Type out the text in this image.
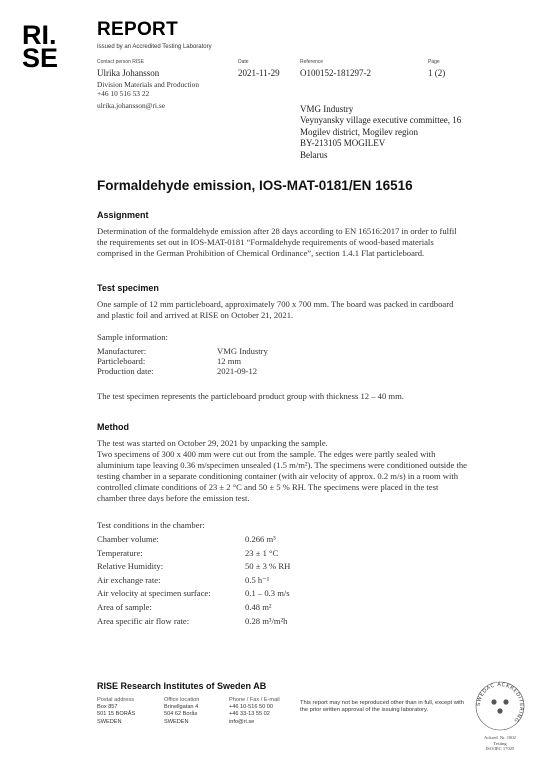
RI.
SE
REPORT
Issued by an Accredited Testing Laboratory
Contact person RISE	Date	Reference	Page
Ulrika Johansson	2021-11-29 O100152-181297-2	1 (2)
Division Materials and Production
+46 10 516 53 22
ulrika.johansson@ri.se	VMG Industry
Veynyansky village executive committee, 16
Mogilev district, Mogilev region
BY-213105 MOGILEV
Belarus
Formaldehyde emission, IOS-MAT-0181/EN 16516
Assignment
Determination of the formaldehyde emission after 28 days according to EN 16516:2017 in order to fulfil the requirements set out in IOS-MAT-0181 “Formaldehyde requirements of wood-based materials comprised in the German Prohibition of Chemical Ordinance”, section 1.4.1 Flat particleboard.
Test specimen
One sample of 12 mm particleboard, approximately 700 x 700 mm. The board was packed in cardboard and plastic foil and arrived at RISE on October 21, 2021.
Sample information:
Manufacturer:	VMG Industry
Particleboard:	12 mm
Production date:	2021-09-12
The test specimen represents the particleboard product group with thickness 12 – 40 mm.
Method
The test was started on October 29, 2021 by unpacking the sample.
Two specimens of 300 x 400 mm were cut out from the sample. The edges were partly sealed with aluminium tape leaving 0.36 m/specimen unsealed (1.5 m/m²). The specimens were conditioned outside the testing chamber in a separate conditioning container (with air velocity of approx. 0.2 m/s) in a room with controlled climate conditions of 23 ± 2 °C and 50 ± 5 % RH. The specimens were placed in the test chamber three days before the emission test.
Test conditions in the chamber:
Chamber volume:	0.266 m³
Temperature:	23 ± 1 °C
Relative Humidity:	50 ± 3 % RH
Air exchange rate:	0.5 h⁻¹
Air velocity at specimen surface:	0.1 – 0.3 m/s
Area of sample:	0.48 m²
Area specific air flow rate:	0.28 m³/m²h
RISE Research Institutes of Sweden AB
Postal address
Box 857
501 15 BORÅS
SWEDEN
Office location
Brinellgatan 4
504 62 Borås
SWEDEN
Phone / Fax / E-mail
+46 10-516 50 00
+46 33-13 55 02
info@ri.se
This report may not be reproduced other than in full, except with the prior written approval of the issuing laboratory.
SWEDAC ACKREDITERING
Ackred. Nr. 1002
Testing
ISO/IEC 17025
